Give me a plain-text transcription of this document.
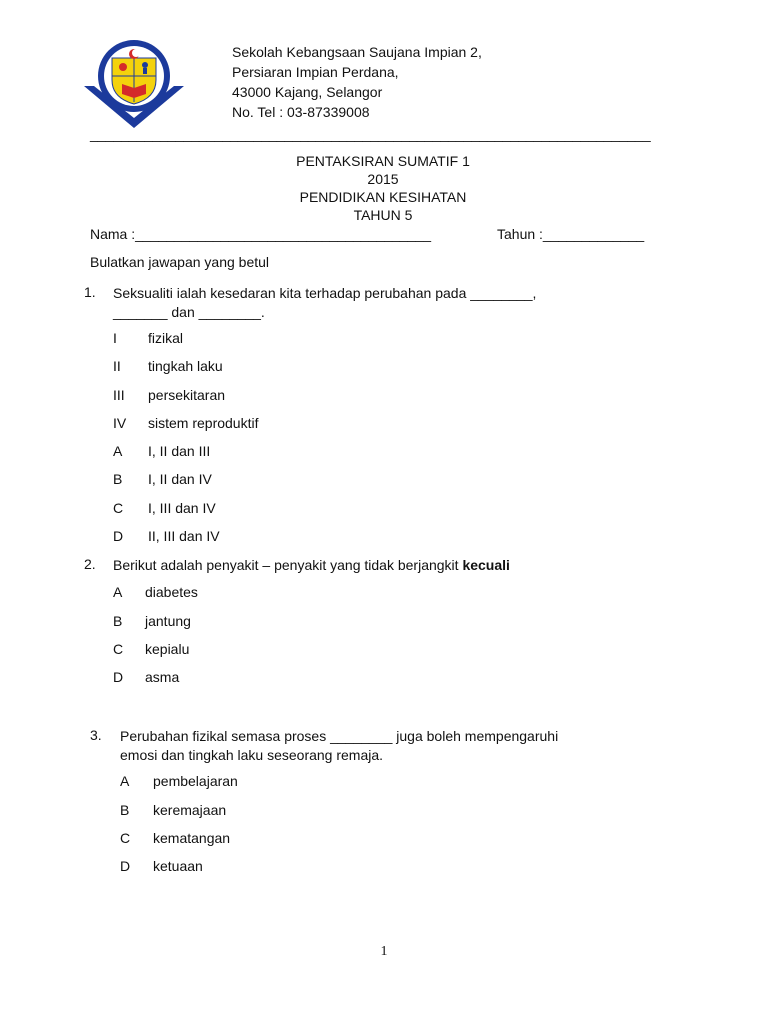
Sekolah Kebangsaan Saujana Impian 2,
Persiaran Impian Perdana,
43000 Kajang, Selangor
No. Tel : 03-87339008
________________________________________________________________________
PENTAKSIRAN SUMATIF 1
2015
PENDIDIKAN KESIHATAN
TAHUN 5
Nama :______________________________________	Tahun :_____________
Bulatkan jawapan yang betul
1. Seksualiti ialah kesedaran kita terhadap perubahan pada ________,
_______ dan ________.
I fizikal
II tingkah laku
III persekitaran
IV sistem reproduktif
A I, II dan III
B I, II dan IV
C I, III dan IV
D II, III dan IV
2. Berikut adalah penyakit – penyakit yang tidak berjangkit kecuali
A diabetes
B jantung
C kepialu
D asma
3. Perubahan fizikal semasa proses ________ juga boleh mempengaruhi
emosi dan tingkah laku seseorang remaja.
A pembelajaran
B keremajaan
C kematangan
D ketuaan
1
